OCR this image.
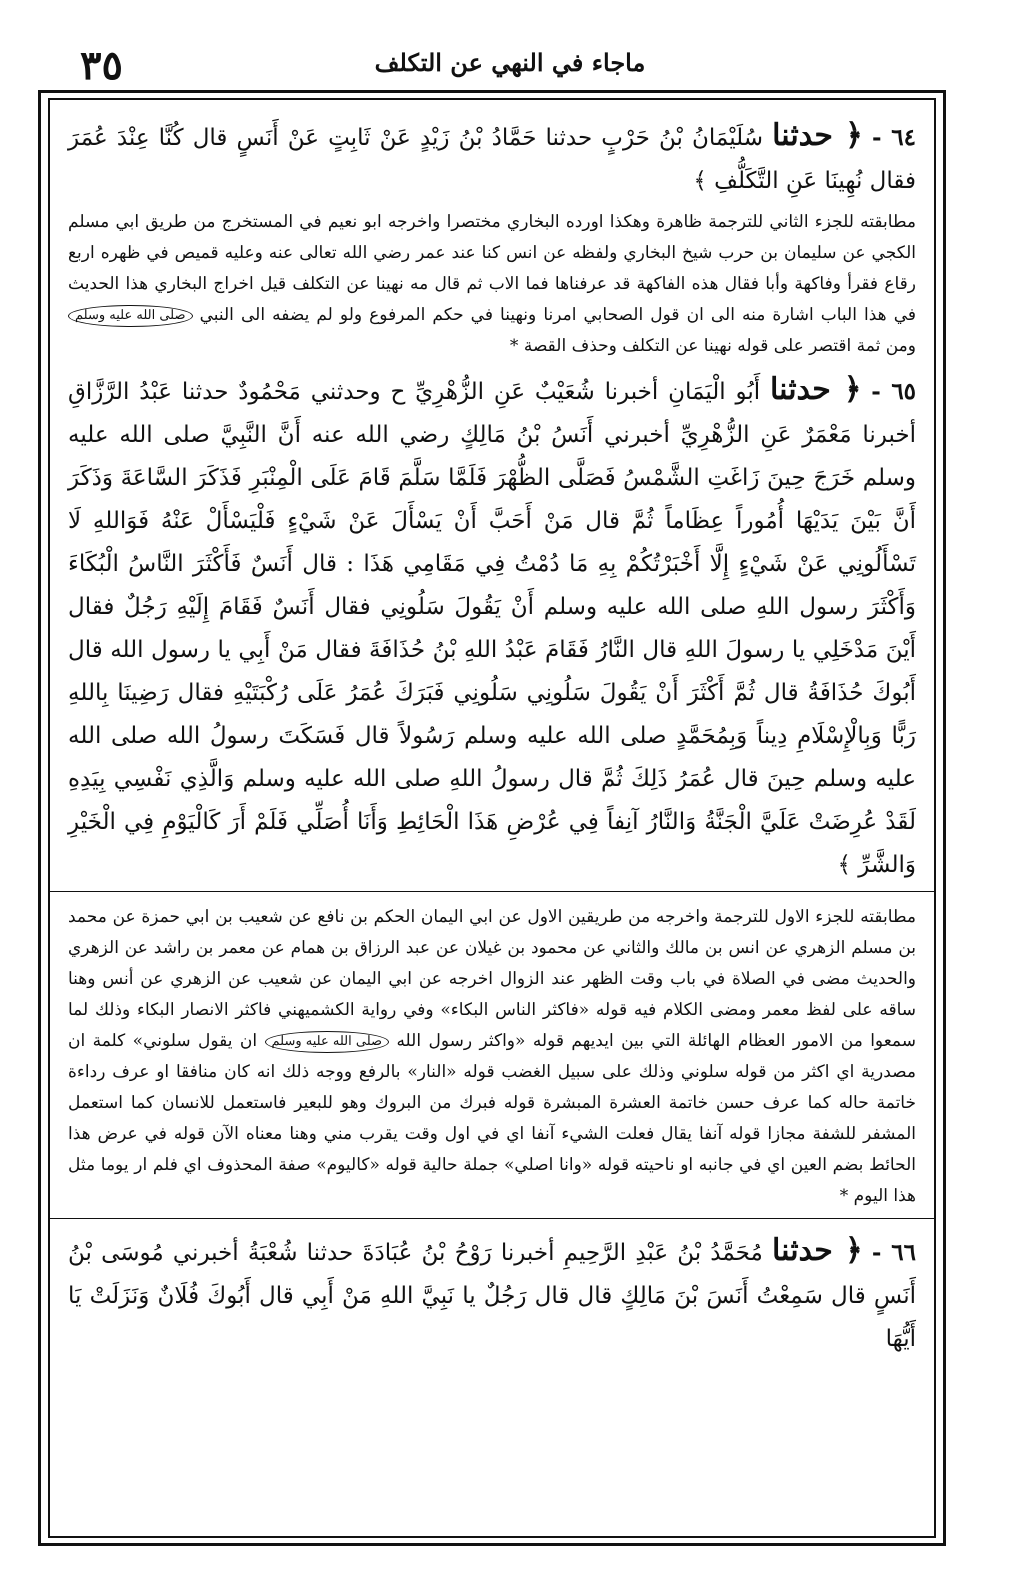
٣٥	ماجاء في النهي عن التكلف

٦٤ - ﴿ حدثنا سُلَيْمَانُ بْنُ حَرْبٍ حدثنا حَمَّادُ بْنُ زَيْدٍ عَنْ ثَابِتٍ عَنْ أَنَسٍ قال كُنَّا عِنْدَ عُمَرَ فقال نُهِينَا عَنِ التَّكَلُّفِ ﴾

مطابقته للجزء الثاني للترجمة ظاهرة وهكذا اورده البخاري مختصرا واخرجه ابو نعيم في المستخرج من طريق ابي مسلم الكجي عن سليمان بن حرب شيخ البخاري ولفظه عن انس كنا عند عمر رضي الله تعالى عنه وعليه قميص في ظهره اربع رقاع فقرأ وفاكهة وأبا فقال هذه الفاكهة قد عرفناها فما الاب ثم قال مه نهينا عن التكلف قيل اخراج البخاري هذا الحديث في هذا الباب اشارة منه الى ان قول الصحابي امرنا ونهينا في حكم المرفوع ولو لم يضفه الى النبي صلى الله عليه وسلم ومن ثمة اقتصر على قوله نهينا عن التكلف وحذف القصة *

٦٥ - ﴿ حدثنا أَبُو الْيَمَانِ أخبرنا شُعَيْبٌ عَنِ الزُّهْرِيِّ ح وحدثني مَحْمُودٌ حدثنا عَبْدُ الرَّزَّاقِ أخبرنا مَعْمَرٌ عَنِ الزُّهْرِيِّ أخبرني أَنَسُ بْنُ مَالِكٍ رضي الله عنه أَنَّ النَّبِيَّ صلى الله عليه وسلم خَرَجَ حِينَ زَاغَتِ الشَّمْسُ فَصَلَّى الظُّهْرَ فَلَمَّا سَلَّمَ قَامَ عَلَى الْمِنْبَرِ فَذَكَرَ السَّاعَةَ وَذَكَرَ أَنَّ بَيْنَ يَدَيْهَا أُمُوراً عِظَاماً ثُمَّ قال مَنْ أَحَبَّ أَنْ يَسْأَلَ عَنْ شَيْءٍ فَلْيَسْأَلْ عَنْهُ فَوَاللهِ لَا تَسْأَلُونِي عَنْ شَيْءٍ إِلَّا أَخْبَرْتُكُمْ بِهِ مَا دُمْتُ فِي مَقَامِي هَذَا : قال أَنَسٌ فَأَكْثَرَ النَّاسُ الْبُكَاءَ وَأَكْثَرَ رسول اللهِ صلى الله عليه وسلم أَنْ يَقُولَ سَلُونِي فقال أَنَسٌ فَقَامَ إِلَيْهِ رَجُلٌ فقال أَيْنَ مَدْخَلِي يا رسولَ اللهِ قال النَّارُ فَقَامَ عَبْدُ اللهِ بْنُ حُذَافَةَ فقال مَنْ أَبِي يا رسول الله قال أَبُوكَ حُذَافَةُ قال ثُمَّ أَكْثَرَ أَنْ يَقُولَ سَلُونِي سَلُونِي فَبَرَكَ عُمَرُ عَلَى رُكْبَتَيْهِ فقال رَضِينَا بِاللهِ رَبًّا وَبِالْإِسْلَامِ دِيناً وَبِمُحَمَّدٍ صلى الله عليه وسلم رَسُولاً قال فَسَكَتَ رسولُ الله صلى الله عليه وسلم حِينَ قال عُمَرُ ذَلِكَ ثُمَّ قال رسولُ اللهِ صلى الله عليه وسلم وَالَّذِي نَفْسِي بِيَدِهِ لَقَدْ عُرِضَتْ عَلَيَّ الْجَنَّةُ وَالنَّارُ آنِفاً فِي عُرْضِ هَذَا الْحَائِطِ وَأَنَا أُصَلِّي فَلَمْ أَرَ كَالْيَوْمِ فِي الْخَيْرِ وَالشَّرِّ ﴾

مطابقته للجزء الاول للترجمة واخرجه من طريقين الاول عن ابي اليمان الحكم بن نافع عن شعيب بن ابي حمزة عن محمد بن مسلم الزهري عن انس بن مالك والثاني عن محمود بن غيلان عن عبد الرزاق بن همام عن معمر بن راشد عن الزهري والحديث مضى في الصلاة في باب وقت الظهر عند الزوال اخرجه عن ابي اليمان عن شعيب عن الزهري عن أنس وهنا ساقه على لفظ معمر ومضى الكلام فيه قوله «فاكثر الناس البكاء» وفي رواية الكشميهني فاكثر الانصار البكاء وذلك لما سمعوا من الامور العظام الهائلة التي بين ايديهم قوله «واكثر رسول الله صلى الله عليه وسلم ان يقول سلوني» كلمة ان مصدرية اي اكثر من قوله سلوني وذلك على سبيل الغضب قوله «النار» بالرفع ووجه ذلك انه كان منافقا او عرف رداءة خاتمة حاله كما عرف حسن خاتمة العشرة المبشرة قوله فبرك من البروك وهو للبعير فاستعمل للانسان كما استعمل المشفر للشفة مجازا قوله آنفا يقال فعلت الشيء آنفا اي في اول وقت يقرب مني وهنا معناه الآن قوله في عرض هذا الحائط بضم العين اي في جانبه او ناحيته قوله «وانا اصلي» جملة حالية قوله «كاليوم» صفة المحذوف اي فلم ار يوما مثل هذا اليوم *

٦٦ - ﴿ حدثنا مُحَمَّدُ بْنُ عَبْدِ الرَّحِيمِ أخبرنا رَوْحُ بْنُ عُبَادَةَ حدثنا شُعْبَةُ أخبرني مُوسَى بْنُ أَنَسٍ قال سَمِعْتُ أَنَسَ بْنَ مَالِكٍ قال قال رَجُلٌ يا نَبِيَّ اللهِ مَنْ أَبِي قال أَبُوكَ فُلَانٌ وَنَزَلَتْ يَا أَيُّهَا
